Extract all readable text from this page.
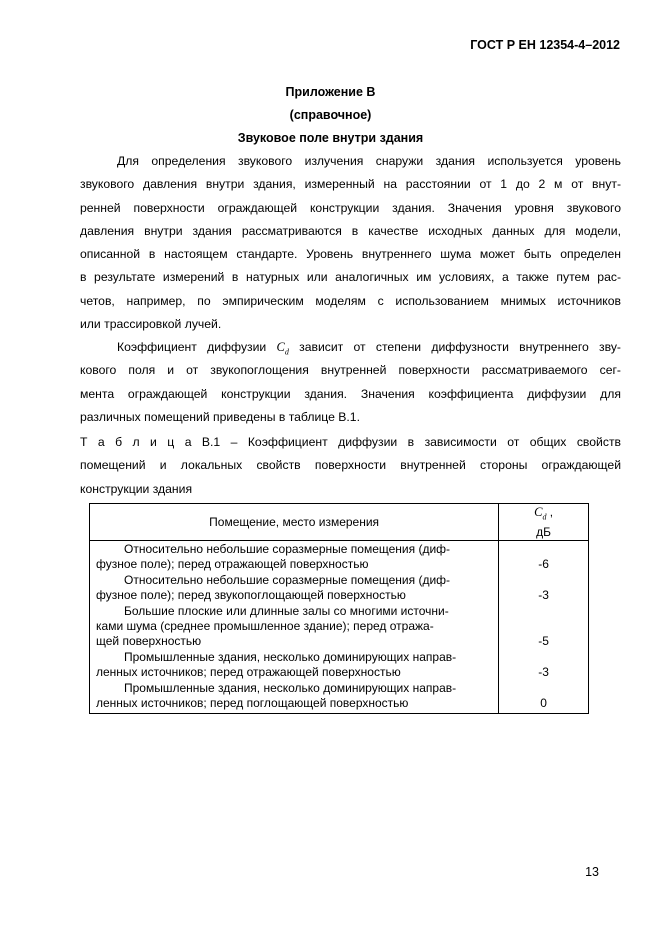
ГОСТ Р ЕН 12354-4–2012
Приложение В
(справочное)
Звуковое поле внутри здания
Для определения звукового излучения снаружи здания используется уровень
звукового давления внутри здания, измеренный на расстоянии от 1 до 2 м от внут-
ренней поверхности ограждающей конструкции здания. Значения уровня звукового
давления внутри здания рассматриваются в качестве исходных данных для модели,
описанной в настоящем стандарте. Уровень внутреннего шума может быть определен
в результате измерений в натурных или аналогичных им условиях, а также путем рас-
четов, например, по эмпирическим моделям с использованием мнимых источников
или трассировкой лучей.
Коэффициент диффузии $C_d$ зависит от степени диффузности внутреннего зву-
кового поля и от звукопоглощения внутренней поверхности рассматриваемого сег-
мента ограждающей конструкции здания. Значения коэффициента диффузии для
различных помещений приведены в таблице В.1.
Т а б л и ц а В.1 – Коэффициент диффузии в зависимости от общих свойств
помещений и локальных свойств поверхности внутренней стороны ограждающей
конструкции здания
Помещение, место измерения	$C_d$ ,
дБ

Относительно небольшие соразмерные помещения (диф-
фузное поле); перед отражающей поверхностью	-6
Относительно небольшие соразмерные помещения (диф-
фузное поле); перед звукопоглощающей поверхностью	-3
Большие плоские или длинные залы со многими источни-
ками шума (среднее промышленное здание); перед отража-
щей поверхностью	-5
Промышленные здания, несколько доминирующих направ-
ленных источников; перед отражающей поверхностью	-3
Промышленные здания, несколько доминирующих направ-
ленных источников; перед поглощающей поверхностью	0
13
